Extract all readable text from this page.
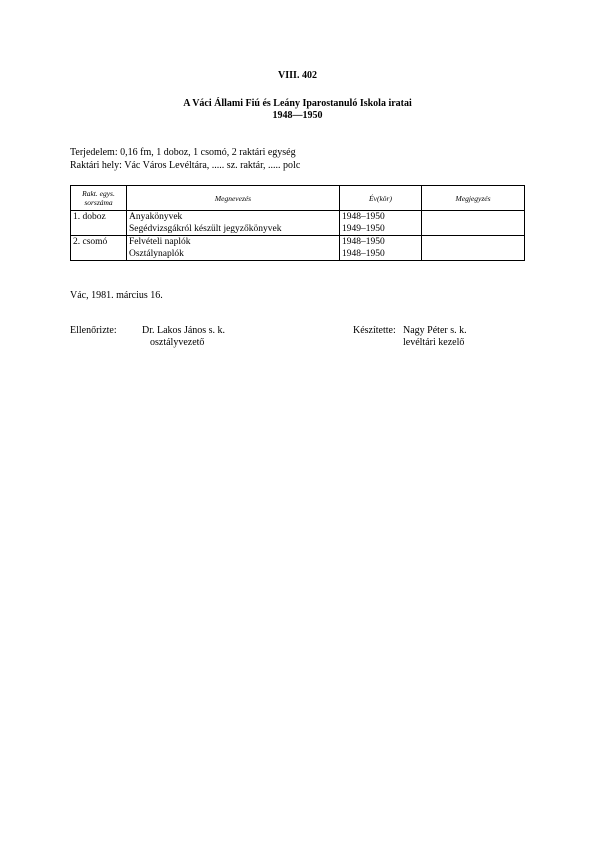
VIII. 402
A Váci Állami Fiú és Leány Iparostanuló Iskola iratai
1948—1950
Terjedelem: 0,16 fm, 1 doboz, 1 csomó, 2 raktári egység
Raktári hely: Vác Város Levéltára, ..... sz. raktár, ..... polc
Rakt. egys. sorszáma	Megnevezés	Év(kör)	Megjegyzés
1. doboz	Anyakönyvek	1948–1950	
	Segédvizsgákról készült jegyzőkönyvek	1949–1950	
2. csomó	Felvételi naplók	1948–1950	
	Osztálynaplók	1948–1950	
Vác, 1981. március 16.
Ellenőrizte:	Dr. Lakos János s. k.
osztályvezető
Készítette: Nagy Péter s. k.
levéltári kezelő
